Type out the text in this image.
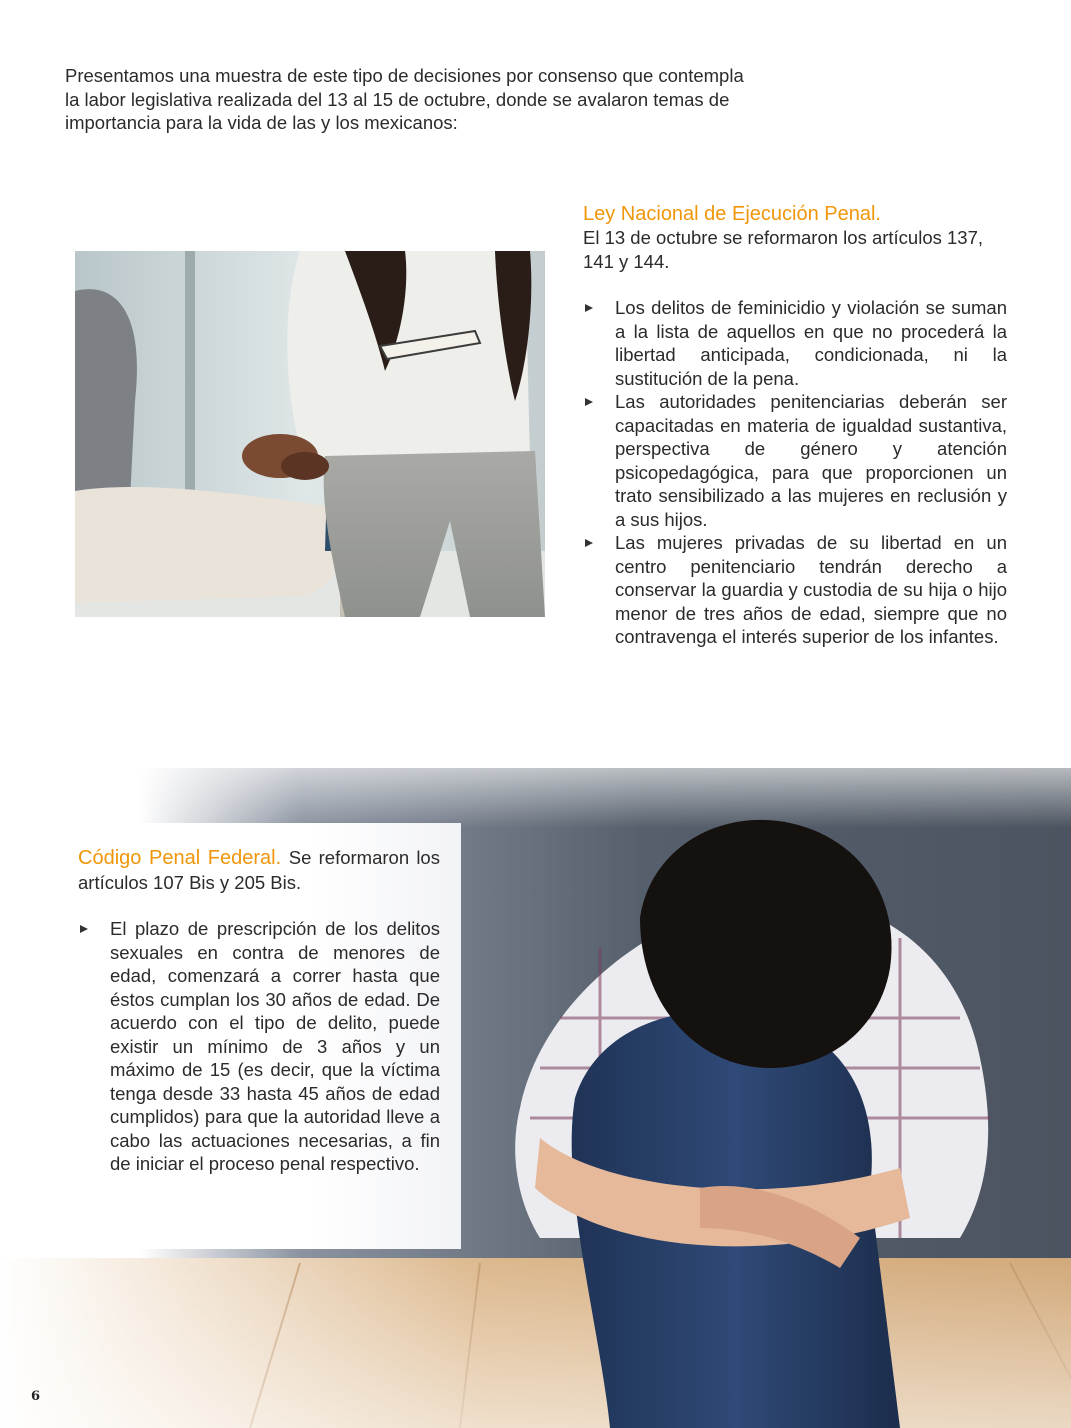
Presentamos una muestra de este tipo de decisiones por consenso que contempla la labor legislativa realizada del 13 al 15 de octubre, donde se avalaron temas de importancia para la vida de las y los mexicanos:

Ley Nacional de Ejecución Penal.

El 13 de octubre se reformaron los artículos 137, 141 y 144.

Los delitos de feminicidio y violación se suman a la lista de aquellos en que no procederá la libertad anticipada, condicionada, ni la sustitución de la pena.
Las autoridades penitenciarias deberán ser capacitadas en materia de igualdad sustantiva, perspectiva de género y atención psicopedagógica, para que proporcionen un trato sensibilizado a las mujeres en reclusión y a sus hijos.
Las mujeres privadas de su libertad en un centro penitenciario tendrán derecho a conservar la guardia y custodia de su hija o hijo menor de tres años de edad, siempre que no contravenga el interés superior de los infantes.

Código Penal Federal. Se reformaron los artículos 107 Bis y 205 Bis.

El plazo de prescripción de los delitos sexuales en contra de menores de edad, comenzará a correr hasta que éstos cumplan los 30 años de edad. De acuerdo con el tipo de delito, puede existir un mínimo de 3 años y un máximo de 15 (es decir, que la víctima tenga desde 33 hasta 45 años de edad cumplidos) para que la autoridad lleve a cabo las actuaciones necesarias, a fin de iniciar el proceso penal respectivo.
6
